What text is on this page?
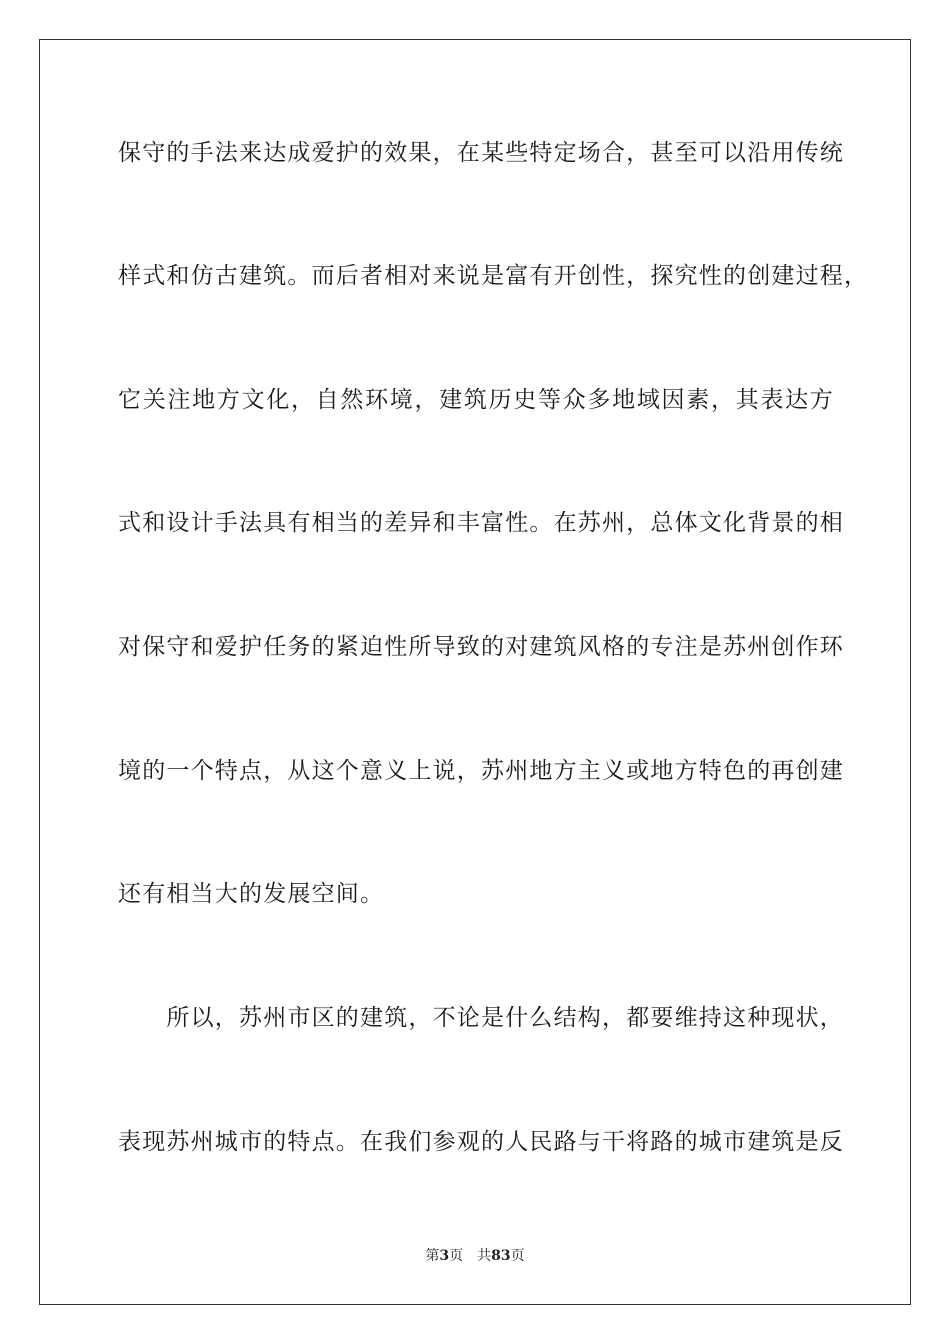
保守的手法来达成爱护的效果，在某些特定场合，甚至可以沿用传统
样式和仿古建筑。而后者相对来说是富有开创性，探究性的创建过程，
它关注地方文化，自然环境，建筑历史等众多地域因素，其表达方
式和设计手法具有相当的差异和丰富性。在苏州，总体文化背景的相
对保守和爱护任务的紧迫性所导致的对建筑风格的专注是苏州创作环
境的一个特点，从这个意义上说，苏州地方主义或地方特色的再创建
还有相当大的发展空间。
　　所以，苏州市区的建筑，不论是什么结构，都要维持这种现状，
表现苏州城市的特点。在我们参观的人民路与干将路的城市建筑是反
第3页 共83页
